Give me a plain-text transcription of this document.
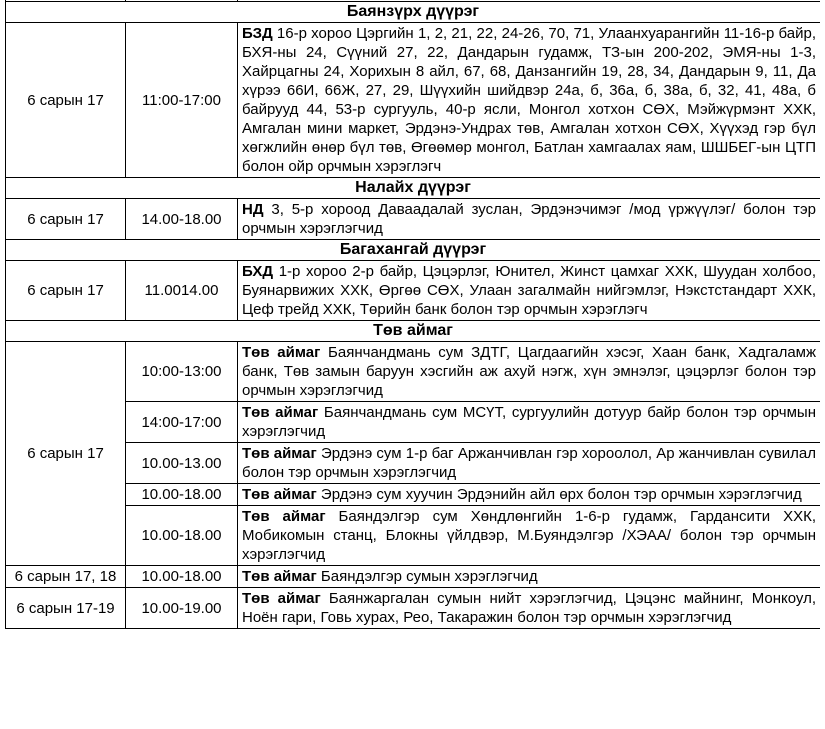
Баянзүрх дүүрэг		
6 сарын 17	11:00-17:00	БЗД 16-р хороо Цэргийн 1, 2, 21, 22, 24-26, 70, 71, Улаанхуарангийн 11-16-р байр, БХЯ-ны 24, Сүүний 27, 22, Дандарын гудамж, ТЗ-ын 200-202, ЭМЯ-ны 1-3, Хайрцагны 24, Хорихын 8 айл, 67, 68, Данзангийн 19, 28, 34, Дандарын 9, 11, Да хүрээ 66И, 66Ж, 27, 29, Шүүхийн шийдвэр 24а, б, 36а, б, 38а, б, 32, 41, 48а, б байрууд 44, 53-р сургууль, 40-р ясли, Монгол хотхон СӨХ, Мэйжүрмэнт ХХК, Амгалан мини маркет, Эрдэнэ-Ундрах төв, Амгалан хотхон СӨХ, Хүүхэд гэр бүл хөгжлийн өнөр бүл төв, Өгөөмөр монгол, Батлан хамгаалах яам, ШШБЕГ-ын ЦТП болон ойр орчмын хэрэглэгч
Налайх дүүрэг		
6 сарын 17	14.00-18.00	НД 3, 5-р хороод Даваадалай зуслан, Эрдэнэчимэг /мод үржүүлэг/ болон тэр орчмын хэрэглэгчид
Багахангай дүүрэг		
6 сарын 17	11.0014.00	БХД 1-р хороо 2-р байр, Цэцэрлэг, Юнител, Жинст цамхаг ХХК, Шуудан холбоо, Буянарвижих ХХК, Өргөө СӨХ, Улаан загалмайн нийгэмлэг, Нэкстстандарт ХХК, Цеф трейд ХХК, Төрийн банк болон тэр орчмын хэрэглэгч
Төв аймаг		
6 сарын 17	10:00-13:00	Төв аймаг Баянчандмань сум ЗДТГ, Цагдаагийн хэсэг, Хаан банк, Хадгаламж банк, Төв замын баруун хэсгийн аж ахуй нэгж, хүн эмнэлэг, цэцэрлэг болон тэр орчмын хэрэглэгчид
	14:00-17:00	Төв аймаг Баянчандмань сум МСҮТ, сургуулийн дотуур байр болон тэр орчмын хэрэглэгчид
	10.00-13.00	Төв аймаг Эрдэнэ сум 1-р баг Аржанчивлан гэр хороолол, Ар жанчивлан сувилал болон тэр орчмын хэрэглэгчид
	10.00-18.00	Төв аймаг Эрдэнэ сум хуучин Эрдэнийн айл өрх болон тэр орчмын хэрэглэгчид
	10.00-18.00	Төв аймаг Баяндэлгэр сум Хөндлөнгийн 1-6-р гудамж, Гардансити ХХК, Мобикомын станц, Блокны үйлдвэр, М.Буяндэлгэр /ХЭАА/ болон тэр орчмын хэрэглэгчид
6 сарын 17, 18	10.00-18.00	Төв аймаг Баяндэлгэр сумын хэрэглэгчид
6 сарын 17-19	10.00-19.00	Төв аймаг Баянжаргалан сумын нийт хэрэглэгчид, Цэцэнс майнинг, Монкоул, Ноён гари, Говь хурах, Рео, Такаражин болон тэр орчмын хэрэглэгчид
